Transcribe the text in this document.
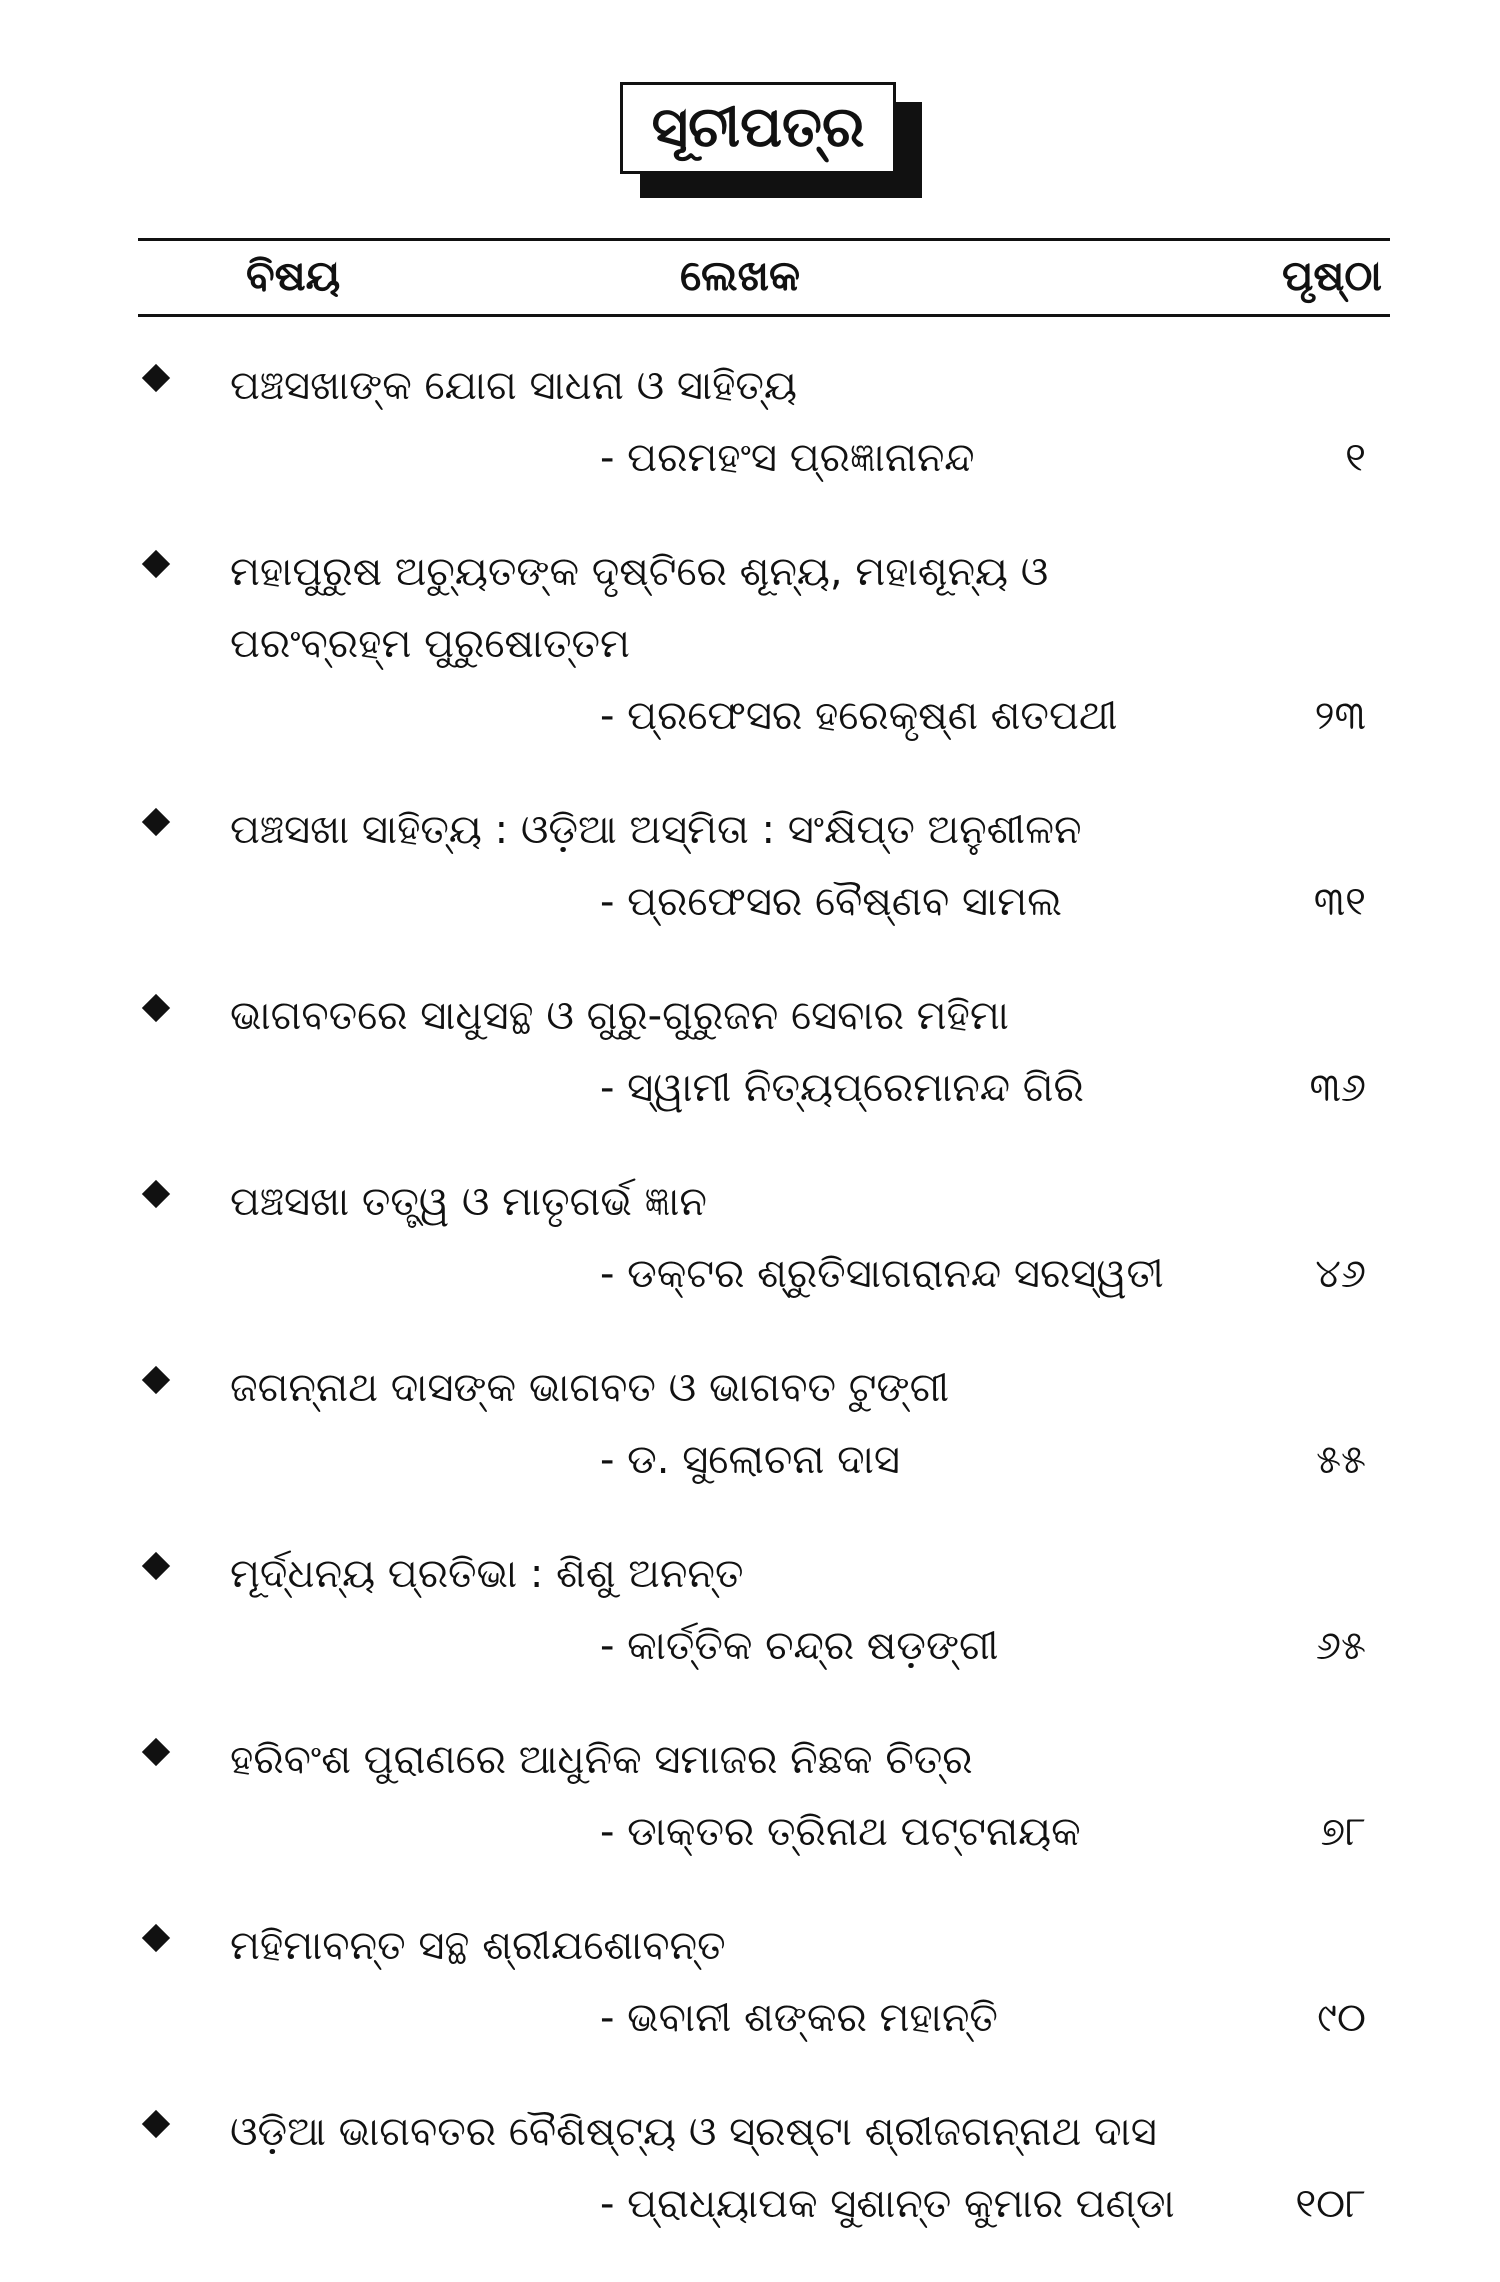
ସୂଚୀପତ୍ର
ବିଷୟ	ଲେଖକ	ପୃଷ୍ଠା
ପଞ୍ଚସଖାଙ୍କ ଯୋଗ ସାଧନା ଓ ସାହିତ୍ୟ
- ପରମହଂସ ପ୍ରଜ୍ଞାନାନନ୍ଦ	୧
ମହାପୁରୁଷ ଅଚ୍ୟୁତଙ୍କ ଦୃଷ୍ଟିରେ ଶୂନ୍ୟ, ମହାଶୂନ୍ୟ ଓ ପରଂବ୍ରହ୍ମ ପୁରୁଷୋତ୍ତମ
- ପ୍ରଫେସର ହରେକୃଷ୍ଣ ଶତପଥୀ	୨୩
ପଞ୍ଚସଖା ସାହିତ୍ୟ : ଓଡ଼ିଆ ଅସ୍ମିତା : ସଂକ୍ଷିପ୍ତ ଅନୁଶୀଳନ
- ପ୍ରଫେସର ବୈଷ୍ଣବ ସାମଲ	୩୧
ଭାଗବତରେ ସାଧୁସନ୍ଥ ଓ ଗୁରୁ-ଗୁରୁଜନ ସେବାର ମହିମା
- ସ୍ୱାମୀ ନିତ୍ୟପ୍ରେମାନନ୍ଦ ଗିରି	୩୬
ପଞ୍ଚସଖା ତତ୍ତ୍ୱ ଓ ମାତୃଗର୍ଭ ଜ୍ଞାନ
- ଡକ୍ଟର ଶ୍ରୁତିସାଗରାନନ୍ଦ ସରସ୍ୱତୀ	୪୬
ଜଗନ୍ନାଥ ଦାସଙ୍କ ଭାଗବତ ଓ ଭାଗବତ ଟୁଙ୍ଗୀ
- ଡ. ସୁଲୋଚନା ଦାସ	୫୫
ମୂର୍ଦ୍ଧନ୍ୟ ପ୍ରତିଭା : ଶିଶୁ ଅନନ୍ତ
- କାର୍ତ୍ତିକ ଚନ୍ଦ୍ର ଷଡ଼ଙ୍ଗୀ	୬୫
ହରିବଂଶ ପୁରାଣରେ ଆଧୁନିକ ସମାଜର ନିଛକ ଚିତ୍ର
- ଡାକ୍ତର ତ୍ରିନାଥ ପଟ୍ଟନାୟକ	୭୮
ମହିମାବନ୍ତ ସନ୍ଥ ଶ୍ରୀଯଶୋବନ୍ତ
- ଭବାନୀ ଶଙ୍କର ମହାନ୍ତି	୯୦
ଓଡ଼ିଆ ଭାଗବତର ବୈଶିଷ୍ଟ୍ୟ ଓ ସ୍ରଷ୍ଟା ଶ୍ରୀଜଗନ୍ନାଥ ଦାସ
- ପ୍ରାଧ୍ୟାପକ ସୁଶାନ୍ତ କୁମାର ପଣ୍ଡା	୧୦୮
